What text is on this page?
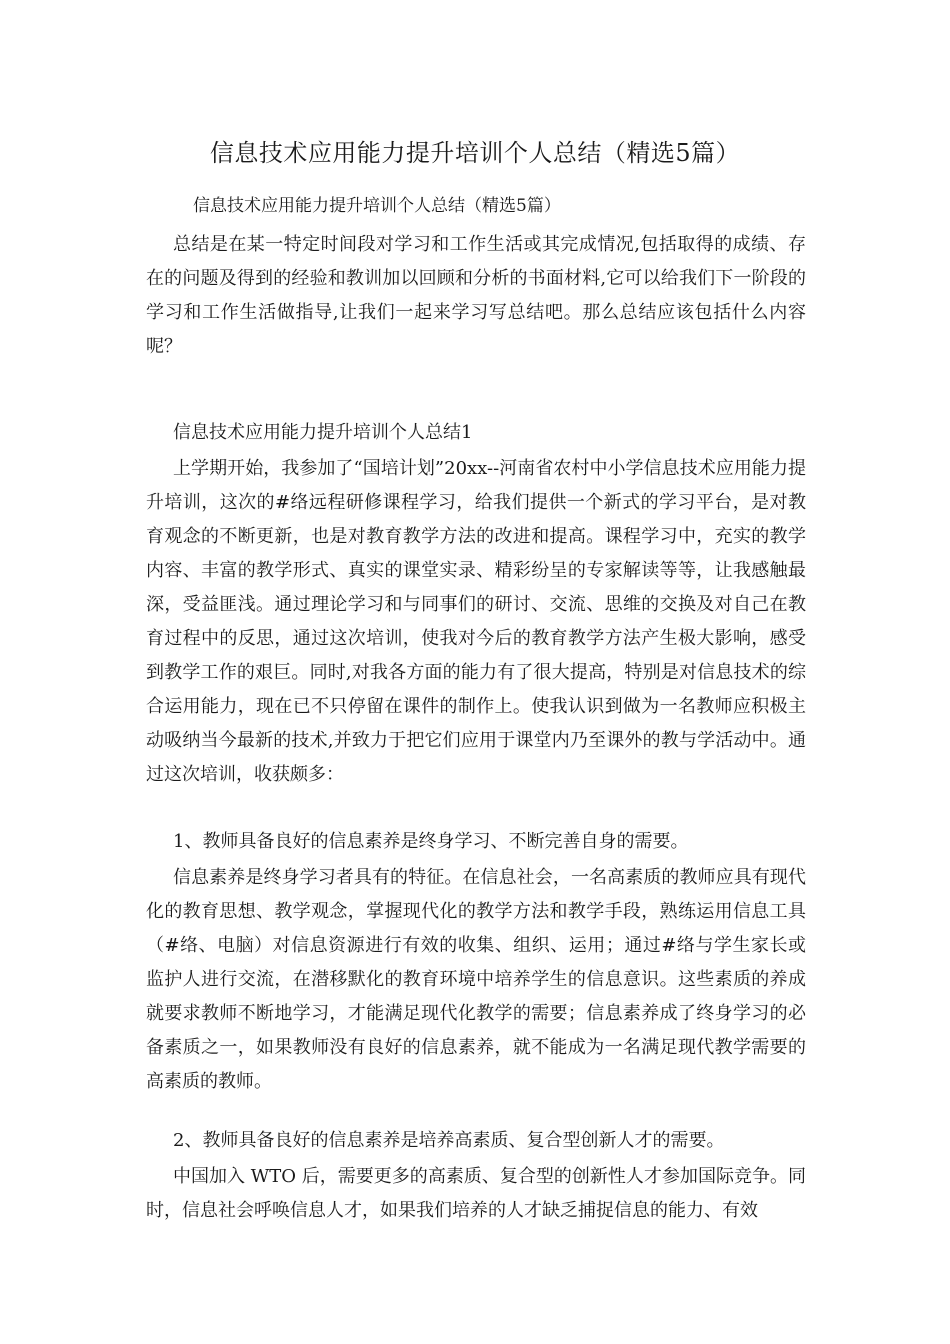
信息技术应用能力提升培训个人总结（精选5篇）
信息技术应用能力提升培训个人总结（精选5篇）
总结是在某一特定时间段对学习和工作生活或其完成情况,包括取得的成绩、存在的问题及得到的经验和教训加以回顾和分析的书面材料,它可以给我们下一阶段的学习和工作生活做指导,让我们一起来学习写总结吧。那么总结应该包括什么内容呢？
信息技术应用能力提升培训个人总结1
上学期开始，我参加了“国培计划”20xx--河南省农村中小学信息技术应用能力提升培训，这次的#络远程研修课程学习，给我们提供一个新式的学习平台，是对教育观念的不断更新，也是对教育教学方法的改进和提高。课程学习中，充实的教学内容、丰富的教学形式、真实的课堂实录、精彩纷呈的专家解读等等，让我感触最深，受益匪浅。通过理论学习和与同事们的研讨、交流、思维的交换及对自己在教育过程中的反思，通过这次培训，使我对今后的教育教学方法产生极大影响，感受到教学工作的艰巨。同时,对我各方面的能力有了很大提高，特别是对信息技术的综合运用能力，现在已不只停留在课件的制作上。使我认识到做为一名教师应积极主动吸纳当今最新的技术,并致力于把它们应用于课堂内乃至课外的教与学活动中。通过这次培训，收获颇多：
1、教师具备良好的信息素养是终身学习、不断完善自身的需要。
信息素养是终身学习者具有的特征。在信息社会，一名高素质的教师应具有现代化的教育思想、教学观念，掌握现代化的教学方法和教学手段，熟练运用信息工具（#络、电脑）对信息资源进行有效的收集、组织、运用；通过#络与学生家长或监护人进行交流，在潜移默化的教育环境中培养学生的信息意识。这些素质的养成就要求教师不断地学习，才能满足现代化教学的需要；信息素养成了终身学习的必备素质之一，如果教师没有良好的信息素养，就不能成为一名满足现代教学需要的高素质的教师。
2、教师具备良好的信息素养是培养高素质、复合型创新人才的需要。
中国加入 WTO 后，需要更多的高素质、复合型的创新性人才参加国际竞争。同时，信息社会呼唤信息人才，如果我们培养的人才缺乏捕捉信息的能力、有效
